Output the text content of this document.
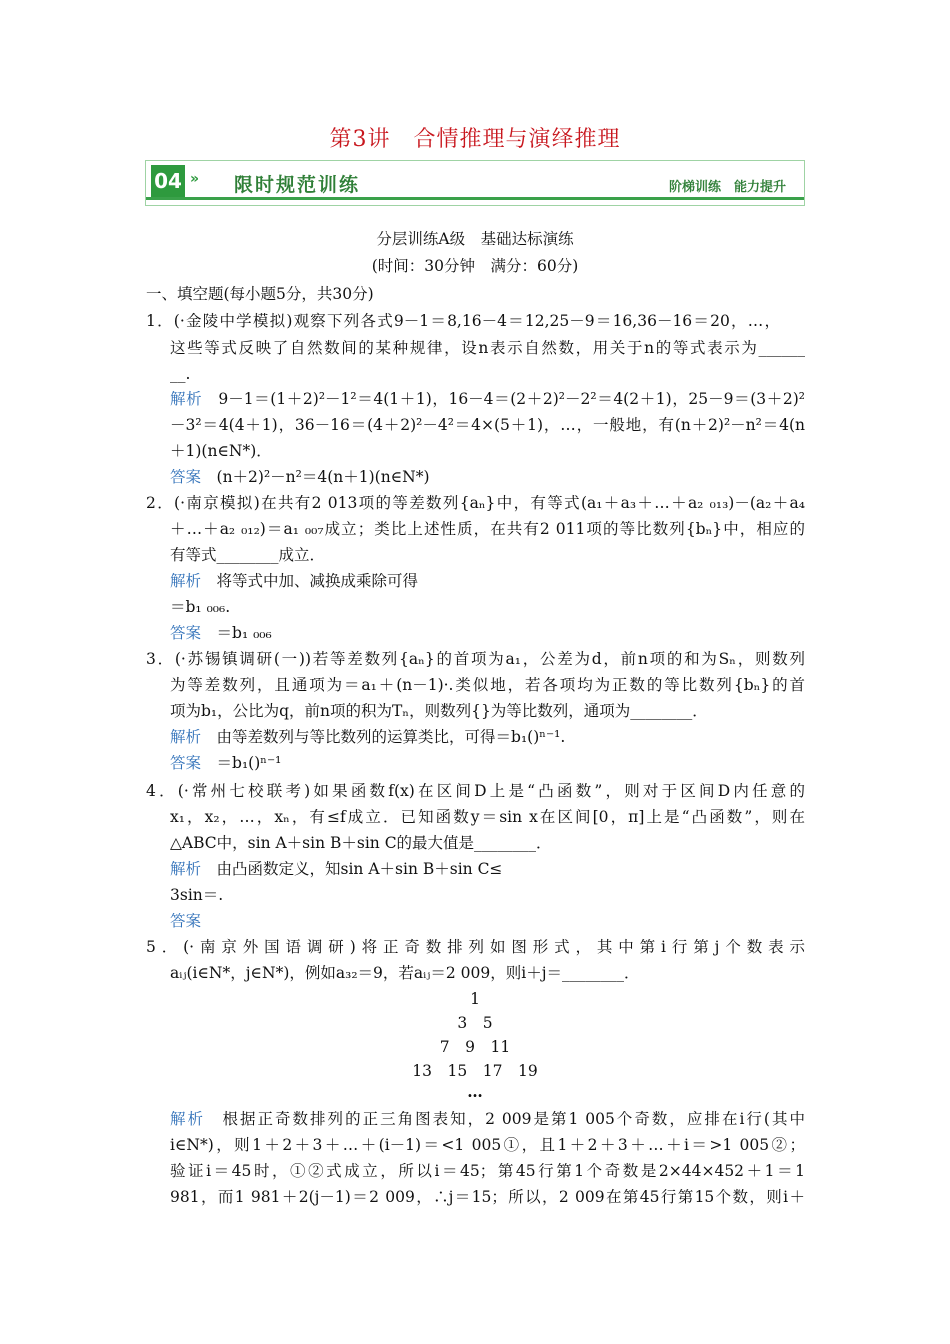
第3讲　合情推理与演绎推理
04 » 限时规范训练	阶梯训练　能力提升
分层训练A级　基础达标演练
(时间：30分钟　满分：60分)
一、填空题(每小题5分，共30分)
1．(·金陵中学模拟)观察下列各式9－1＝8,16－4＝12,25－9＝16,36－16＝20，…，
这些等式反映了自然数间的某种规律，设n表示自然数，用关于n的等式表示为______
__.
解析　9－1＝(1＋2)²－1²＝4(1＋1)，16－4＝(2＋2)²－2²＝4(2＋1)，25－9＝(3＋2)²
－3²＝4(4＋1)，36－16＝(4＋2)²－4²＝4×(5＋1)，…，一般地，有(n＋2)²－n²＝4(n
＋1)(n∈N*)．
答案　(n＋2)²－n²＝4(n＋1)(n∈N*)
2．(·南京模拟)在共有2 013项的等差数列{aₙ}中，有等式(a₁＋a₃＋…＋a₂ ₀₁₃)－(a₂＋a₄
＋…＋a₂ ₀₁₂)＝a₁ ₀₀₇成立；类比上述性质，在共有2 011项的等比数列{bₙ}中，相应的
有等式________成立．
解析　将等式中加、减换成乘除可得
＝b₁ ₀₀₆.
答案　＝b₁ ₀₀₆
3．(·苏锡镇调研(一))若等差数列{aₙ}的首项为a₁，公差为d，前n项的和为Sₙ，则数列
为等差数列，且通项为＝a₁＋(n－1)·.类似地，若各项均为正数的等比数列{bₙ}的首
项为b₁，公比为q，前n项的积为Tₙ，则数列{}为等比数列，通项为________．
解析　由等差数列与等比数列的运算类比，可得＝b₁()ⁿ⁻¹.
答案　＝b₁()ⁿ⁻¹
4．(·常州七校联考)如果函数f(x)在区间D上是“凸函数”，则对于区间D内任意的
x₁，x₂，…，xₙ，有≤f成立．已知函数y＝sin x在区间[0，π]上是“凸函数”，则在
△ABC中，sin A＋sin B＋sin C的最大值是________．
解析　由凸函数定义，知sin A＋sin B＋sin C≤
3sin＝.
答案
5．(·南京外国语调研)将正奇数排列如图形式，其中第i行第j个数表示
aᵢⱼ(i∈N*，j∈N*)，例如a₃₂＝9，若aᵢⱼ＝2 009，则i＋j＝________．
1
3　5
7　9　11
13　15　17　19
…
解析　根据正奇数排列的正三角图表知，2 009是第1 005个奇数，应排在i行(其中
i∈N*)，则1＋2＋3＋…＋(i－1)＝<1 005①，且1＋2＋3＋…＋i＝>1 005②；
验证i＝45时，①②式成立，所以i＝45；第45行第1个奇数是2×44×452＋1＝1
981，而1 981＋2(j－1)＝2 009，∴j＝15；所以，2 009在第45行第15个数，则i＋
